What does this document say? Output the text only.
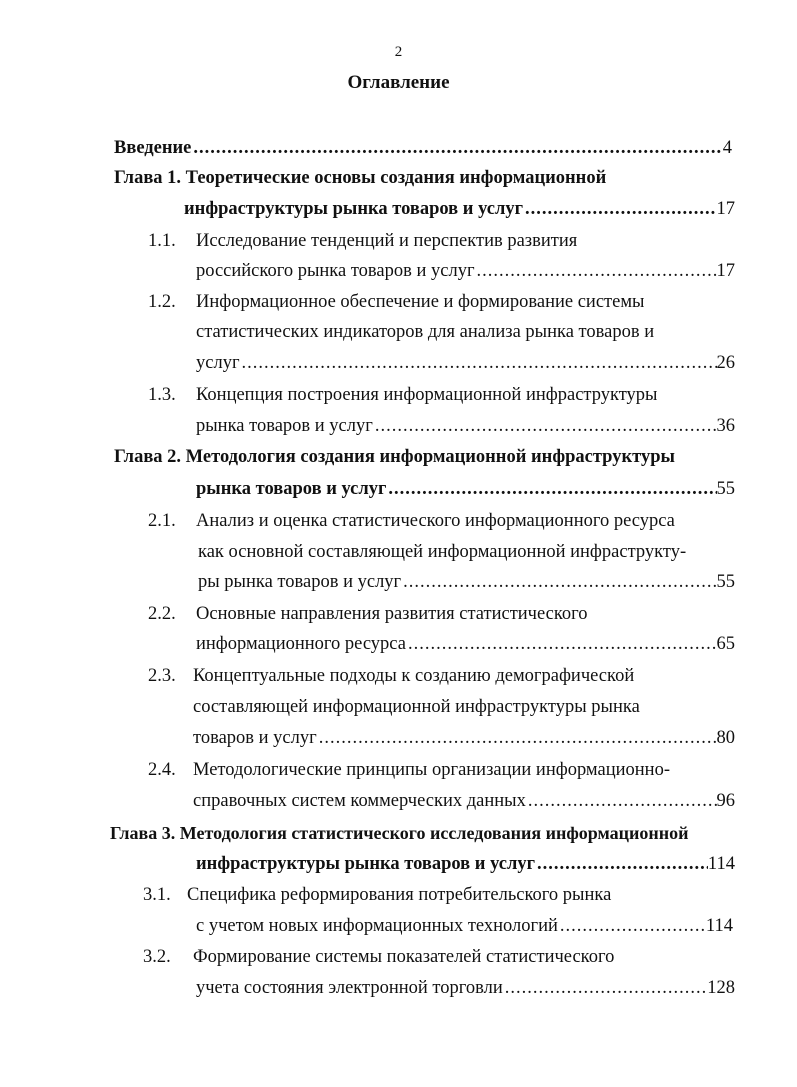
2
Оглавление
Введение .....	4
Глава 1. Теоретические основы создания информационной
инфраструктуры рынка товаров и услуг .....	17
1.1. Исследование тенденций и перспектив развития
российского рынка товаров и услуг .....	17
1.2. Информационное обеспечение и формирование системы
статистических индикаторов для анализа рынка товаров и
услуг .....	26
1.3. Концепция построения информационной инфраструктуры
рынка товаров и услуг .....	36
Глава 2. Методология создания информационной инфраструктуры
рынка товаров и услуг .....	55
2.1. Анализ и оценка статистического информационного ресурса
как основной составляющей информационной инфраструкту-
ры рынка товаров и услуг .....	55
2.2. Основные направления развития статистического
информационного ресурса .....	65
2.3. Концептуальные подходы к созданию демографической
составляющей информационной инфраструктуры рынка
товаров и услуг .....	80
2.4. Методологические принципы организации информационно-
справочных систем коммерческих данных .....	96
Глава 3. Методология статистического исследования информационной
инфраструктуры рынка товаров и услуг .....	114
3.1. Специфика реформирования потребительского рынка
с учетом новых информационных технологий .....	114
3.2. Формирование системы показателей статистического
учета состояния электронной торговли .....	128
